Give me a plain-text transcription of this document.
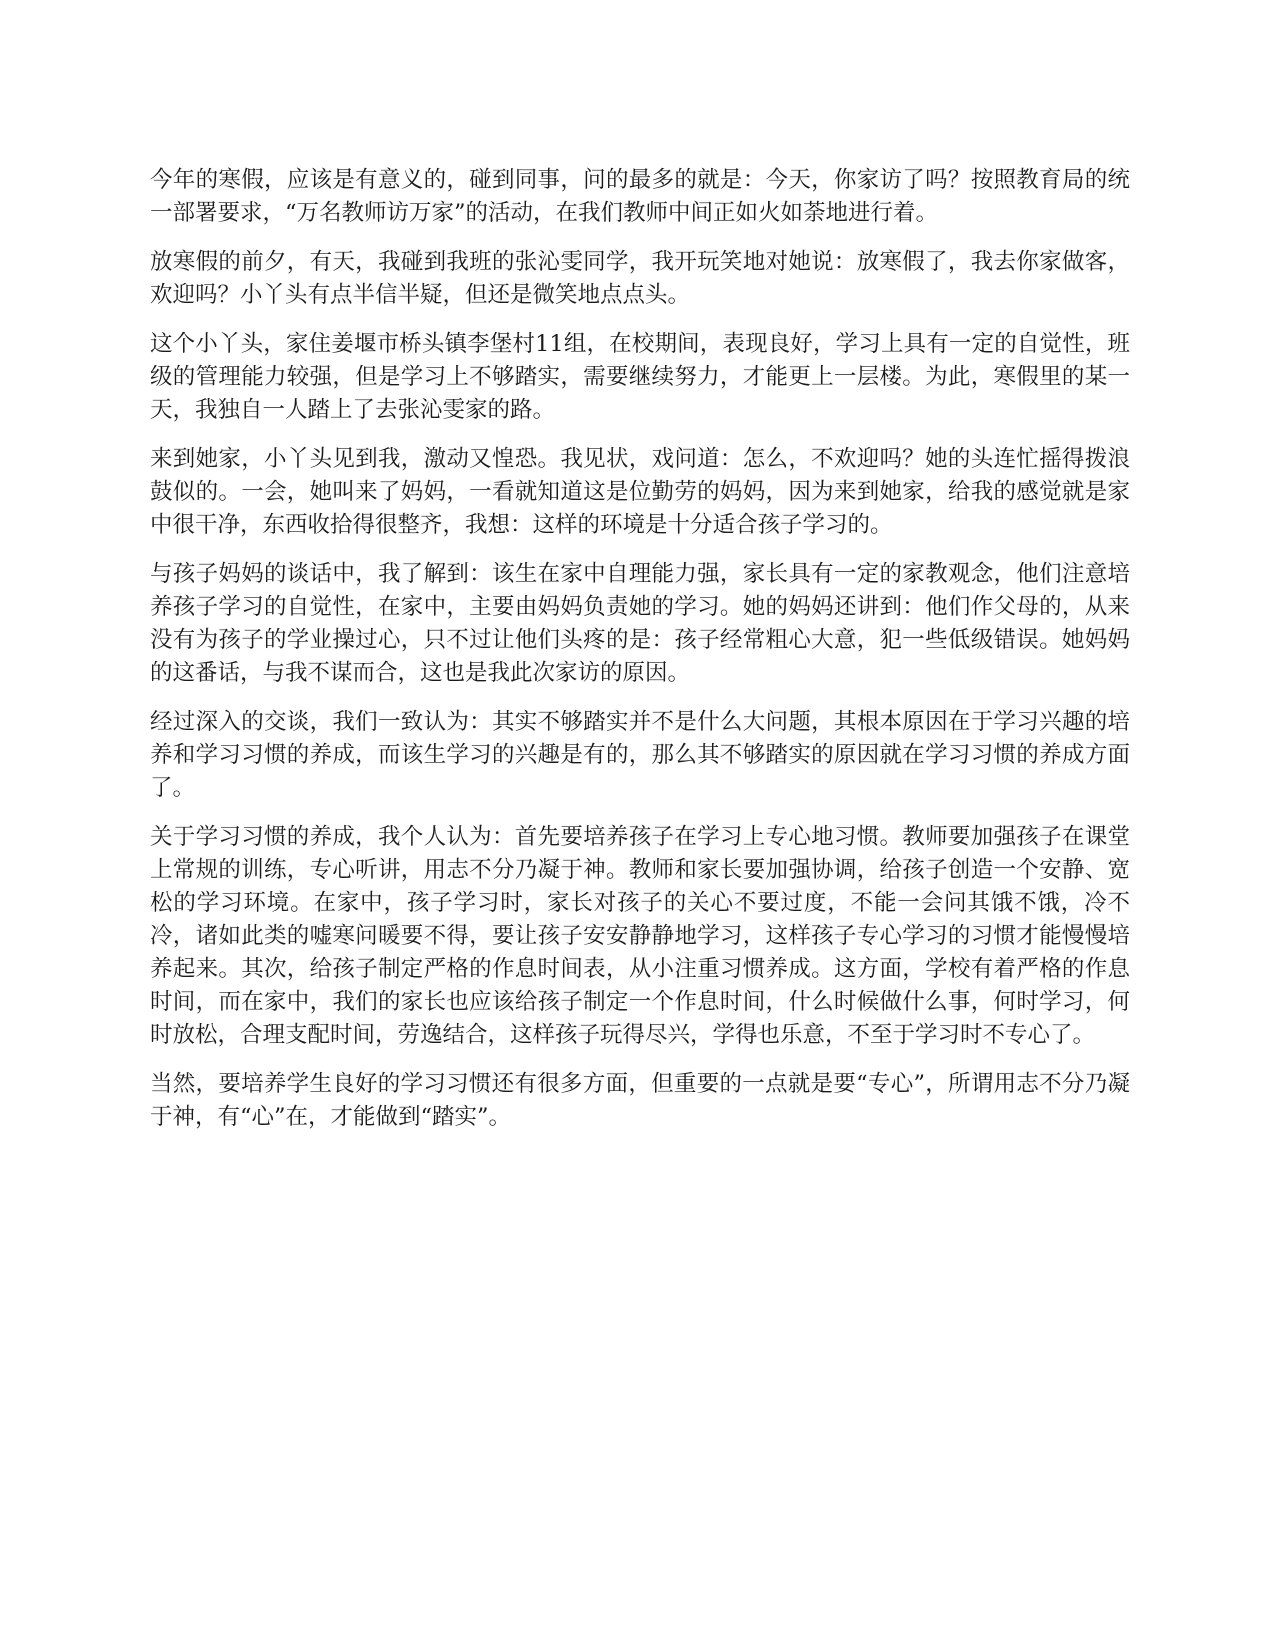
今年的寒假，应该是有意义的，碰到同事，问的最多的就是：今天，你家访了吗？按照教育局的统一部署要求，“万名教师访万家”的活动，在我们教师中间正如火如荼地进行着。

放寒假的前夕，有天，我碰到我班的张沁雯同学，我开玩笑地对她说：放寒假了，我去你家做客，欢迎吗？小丫头有点半信半疑，但还是微笑地点点头。

这个小丫头，家住姜堰市桥头镇李堡村11组，在校期间，表现良好，学习上具有一定的自觉性，班级的管理能力较强，但是学习上不够踏实，需要继续努力，才能更上一层楼。为此，寒假里的某一天，我独自一人踏上了去张沁雯家的路。

来到她家，小丫头见到我，激动又惶恐。我见状，戏问道：怎么，不欢迎吗？她的头连忙摇得拨浪鼓似的。一会，她叫来了妈妈，一看就知道这是位勤劳的妈妈，因为来到她家，给我的感觉就是家中很干净，东西收拾得很整齐，我想：这样的环境是十分适合孩子学习的。

与孩子妈妈的谈话中，我了解到：该生在家中自理能力强，家长具有一定的家教观念，他们注意培养孩子学习的自觉性，在家中，主要由妈妈负责她的学习。她的妈妈还讲到：他们作父母的，从来没有为孩子的学业操过心，只不过让他们头疼的是：孩子经常粗心大意，犯一些低级错误。她妈妈的这番话，与我不谋而合，这也是我此次家访的原因。

经过深入的交谈，我们一致认为：其实不够踏实并不是什么大问题，其根本原因在于学习兴趣的培养和学习习惯的养成，而该生学习的兴趣是有的，那么其不够踏实的原因就在学习习惯的养成方面了。

关于学习习惯的养成，我个人认为：首先要培养孩子在学习上专心地习惯。教师要加强孩子在课堂上常规的训练，专心听讲，用志不分乃凝于神。教师和家长要加强协调，给孩子创造一个安静、宽松的学习环境。在家中，孩子学习时，家长对孩子的关心不要过度，不能一会问其饿不饿，冷不冷，诸如此类的嘘寒问暖要不得，要让孩子安安静静地学习，这样孩子专心学习的习惯才能慢慢培养起来。其次，给孩子制定严格的作息时间表，从小注重习惯养成。这方面，学校有着严格的作息时间，而在家中，我们的家长也应该给孩子制定一个作息时间，什么时候做什么事，何时学习，何时放松，合理支配时间，劳逸结合，这样孩子玩得尽兴，学得也乐意，不至于学习时不专心了。

当然，要培养学生良好的学习习惯还有很多方面，但重要的一点就是要“专心”，所谓用志不分乃凝于神，有“心”在，才能做到“踏实”。
